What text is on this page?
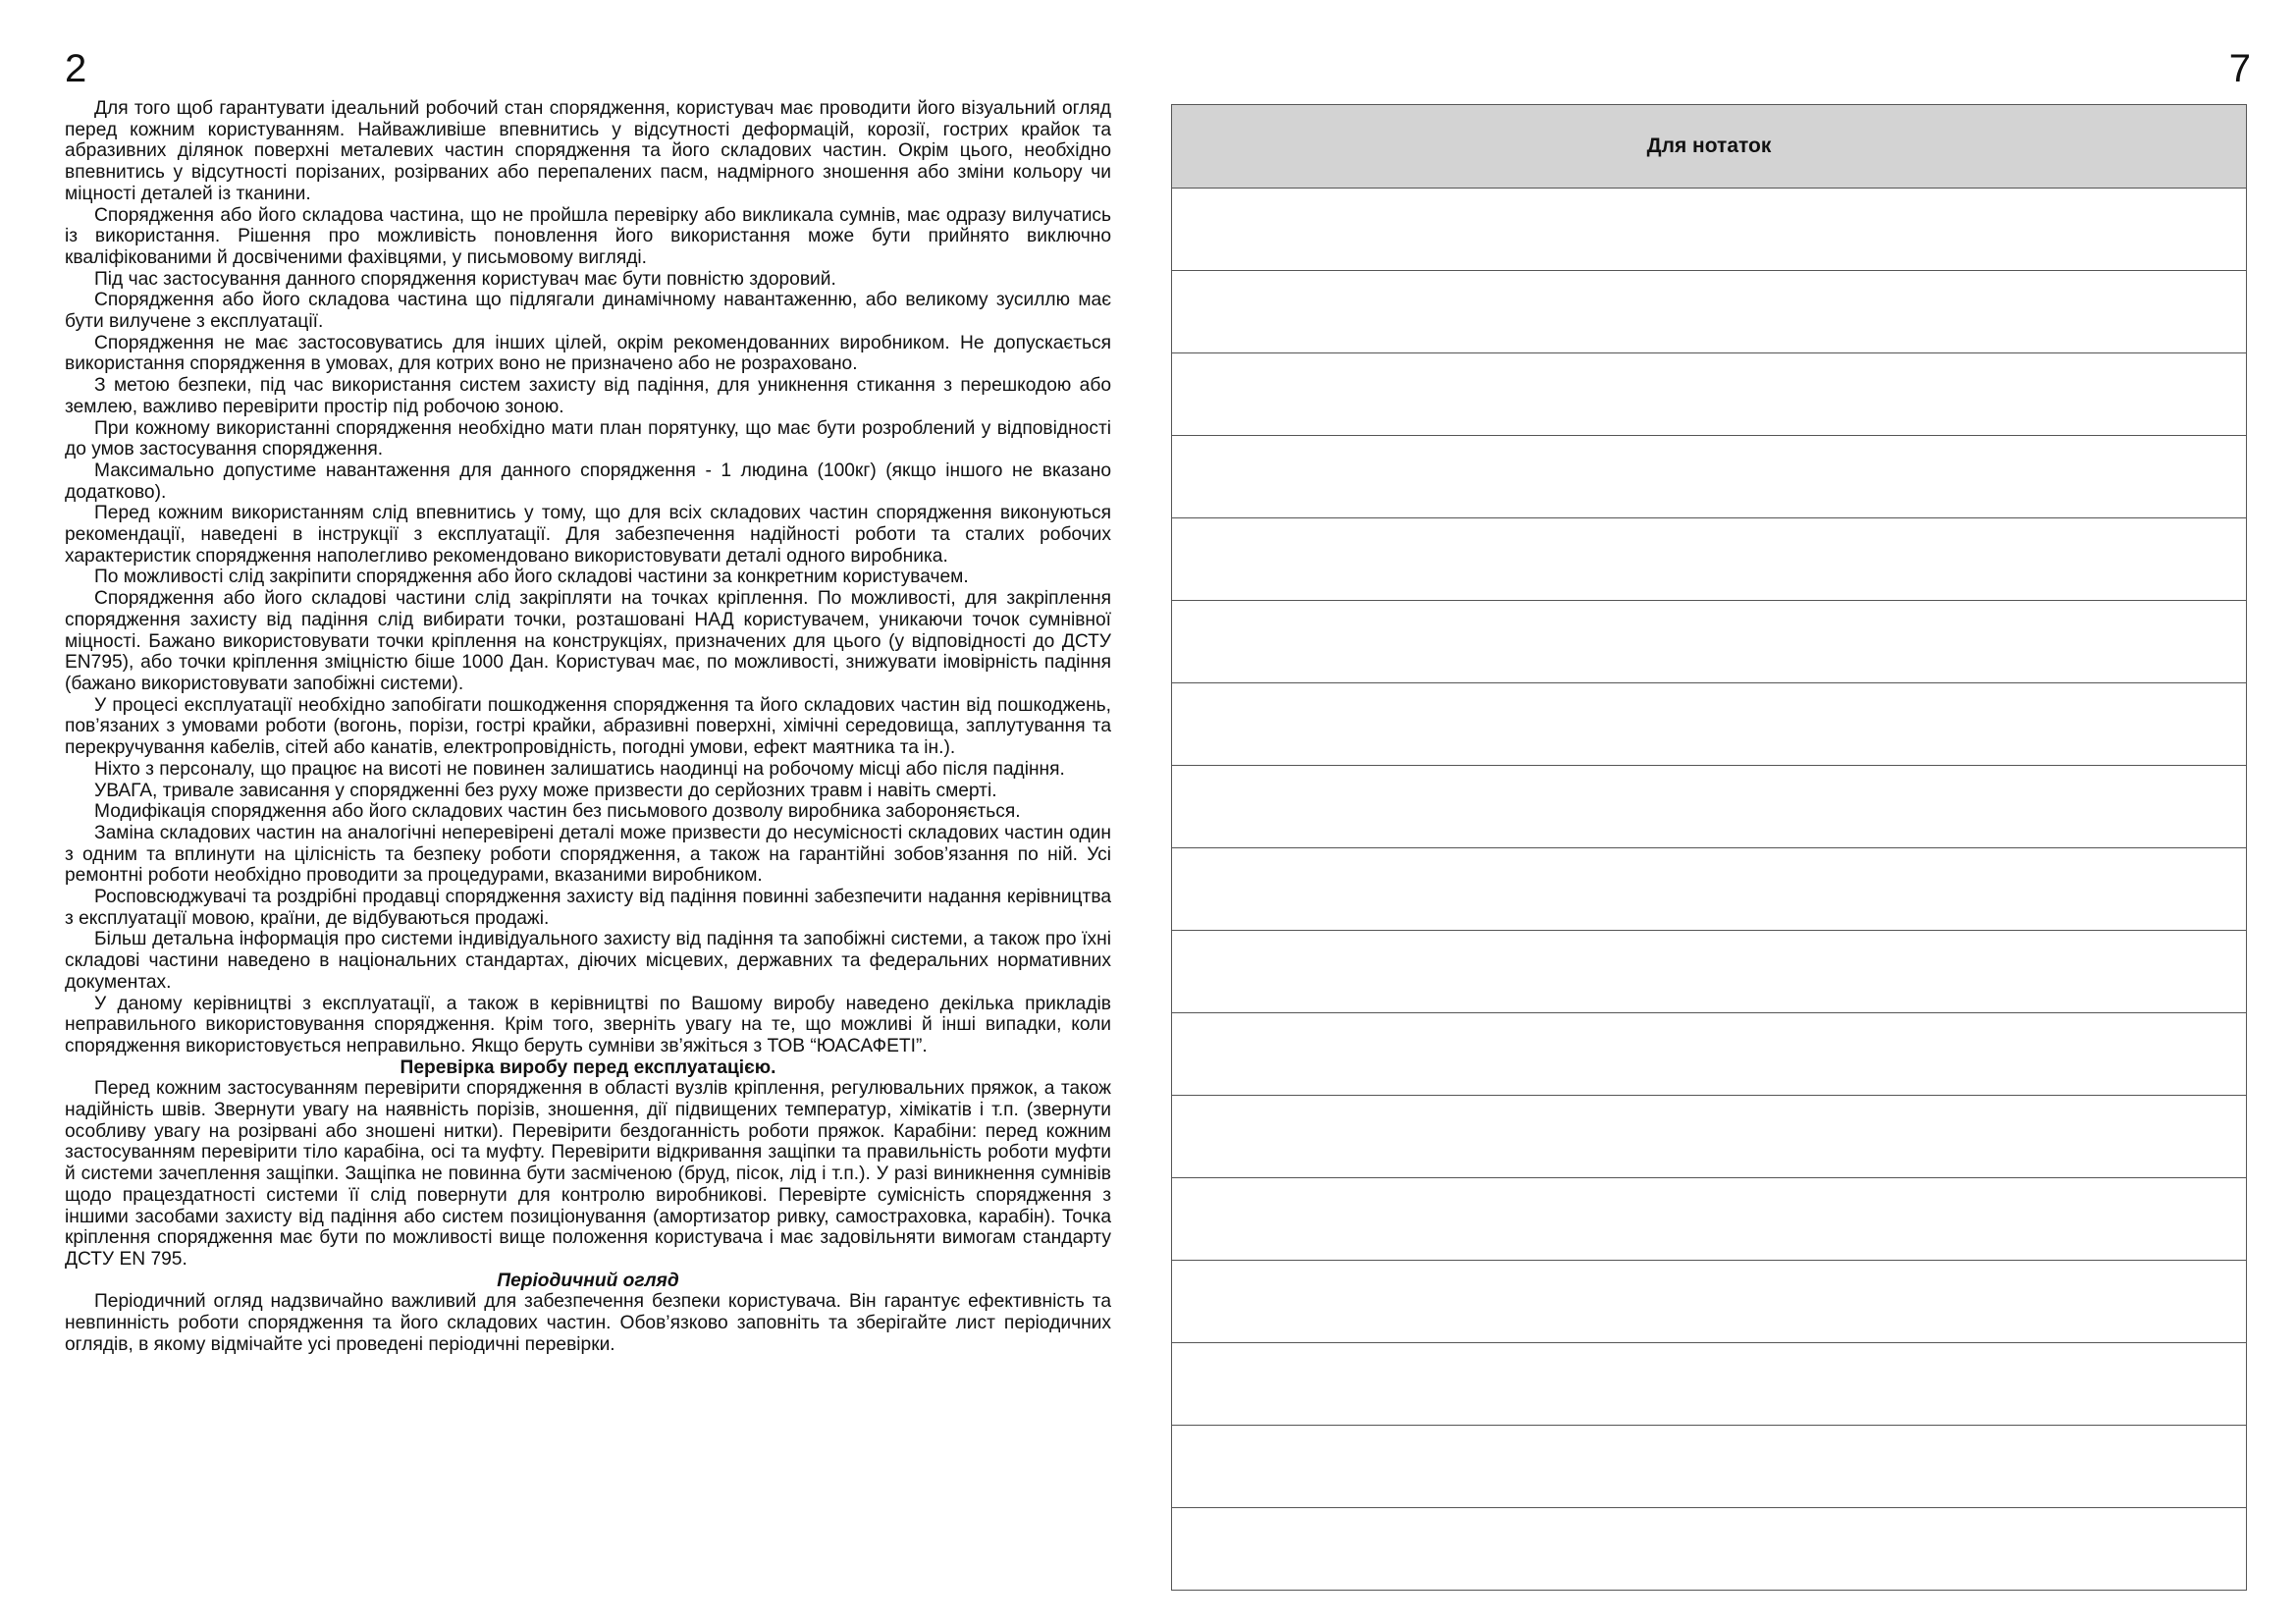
2	7

Для того щоб гарантувати ідеальний робочий стан спорядження, користувач має проводити його візуальний огляд перед кожним користуванням. Найважливіше впевнитись у відсутності деформацій, корозії, гострих крайок та абразивних ділянок поверхні металевих частин спорядження та його складових частин. Окрім цього, необхідно впевнитись у відсутності порізаних, розірваних або перепалених пасм, надмірного зношення або зміни кольору чи міцності деталей із тканини.

Спорядження або його складова частина, що не пройшла перевірку або викликала сумнів, має одразу вилучатись із використання. Рішення про можливість поновлення його використання може бути прийнято виключно кваліфікованими й досвіченими фахівцями, у письмовому вигляді.

Під час застосування данного спорядження користувач має бути повністю здоровий.

Спорядження або його складова частина що підлягали динамічному навантаженню, або великому зусиллю має бути вилучене з експлуатації.

Спорядження не має застосовуватись для інших цілей, окрім рекомендованних виробником. Не допускається використання спорядження в умовах, для котрих воно не призначено або не розраховано.

З метою безпеки, під час використання систем захисту від падіння, для уникнення стикання з перешкодою або землею, важливо перевірити простір під робочою зоною.

При кожному використанні спорядження необхідно мати план порятунку, що має бути розроблений у відповідності до умов застосування спорядження.

Максимально допустиме навантаження для данного спорядження - 1 людина (100кг) (якщо іншого не вказано додатково).

Перед кожним використанням слід впевнитись у тому, що для всіх складових частин спорядження виконуються рекомендації, наведені в інструкції з експлуатації. Для забезпечення надійності роботи та сталих робочих характеристик спорядження наполегливо рекомендовано використовувати деталі одного виробника.

По можливості слід закріпити спорядження або його складові частини за конкретним користувачем.

Спорядження або його складові частини слід закріпляти на точках кріплення. По можливості, для закріплення спорядження захисту від падіння слід вибирати точки, розташовані НАД користувачем, уникаючи точок сумнівної міцності. Бажано використовувати точки кріплення на конструкціях, призначених для цього (у відповідності до ДСТУ EN795), або точки кріплення зміцністю біше 1000 Дан. Користувач має, по можливості, знижувати імовірність падіння (бажано використовувати запобіжні системи).

У процесі експлуатації необхідно запобігати пошкодження спорядження та його складових частин від пошкоджень, пов’язаних з умовами роботи (вогонь, порізи, гострі крайки, абразивні поверхні, хімічні середовища, заплутування та перекручування кабелів, сітей або канатів, електропровідність, погодні умови, ефект маятника та ін.).

Ніхто з персоналу, що працює на висоті не повинен залишатись наодинці на робочому місці або після падіння.

УВАГА, тривале зависання у спорядженні без руху може призвести до серйозних травм і навіть смерті.

Модифікація спорядження або його складових частин без письмового дозволу виробника забороняється.

Заміна складових частин на аналогічні неперевірені деталі може призвести до несумісності складових частин один з одним та вплинути на цілісність та безпеку роботи спорядження, а також на гарантійні зобов’язання по ній. Усі ремонтні роботи необхідно проводити за процедурами, вказаними виробником.

Роcповсюджувачі та роздрібні продавці спорядження захисту від падіння повинні забезпечити надання керівництва з експлуатації мовою, країни, де відбуваються продажі.

Більш детальна інформація про системи індивідуального захисту від падіння та запобіжні системи, а також про їхні складові частини наведено в національних стандартах, діючих місцевих, державних та федеральних нормативних документах.

У даному керівництві з експлуатації, а також в керівництві по Вашому виробу наведено декілька прикладів неправильного використовування спорядження. Крім того, зверніть увагу на те, що можливі й інші випадки, коли спорядження використовується неправильно. Якщо беруть сумніви зв’яжіться з ТОВ “ЮАСАФЕТІ”.

Перевірка виробу перед експлуатацією.

Перед кожним застосуванням перевірити спорядження в області вузлів кріплення, регулювальних пряжок, а також надійність швів. Звернути увагу на наявність порізів, зношення, дії підвищених температур, хімікатів і т.п. (звернути особливу увагу на розірвані або зношені нитки). Перевірити бездоганність роботи пряжок. Карабіни: перед кожним застосуванням перевірити тіло карабіна, осі та муфту. Перевірити відкривання защіпки та правильність роботи муфти й системи зачеплення защіпки. Защіпка не повинна бути засміченою (бруд, пісок, лід і т.п.). У разі виникнення сумнівів щодо працездатності системи її слід повернути для контролю виробникові. Перевірте сумісність спорядження з іншими засобами захисту від падіння або систем позиціонування (амортизатор ривку, самостраховка, карабін). Точка кріплення спорядження має бути по можливості вище положення користувача і має задовільняти вимогам стандарту ДСТУ EN 795.

Періодичний огляд

Періодичний огляд надзвичайно важливий для забезпечення безпеки користувача. Він гарантує ефективність та невпинність роботи спорядження та його складових частин. Обов’язково заповніть та зберігайте лист періодичних оглядів, в якому відмічайте усі проведені періодичні перевірки.

Для нотаток
